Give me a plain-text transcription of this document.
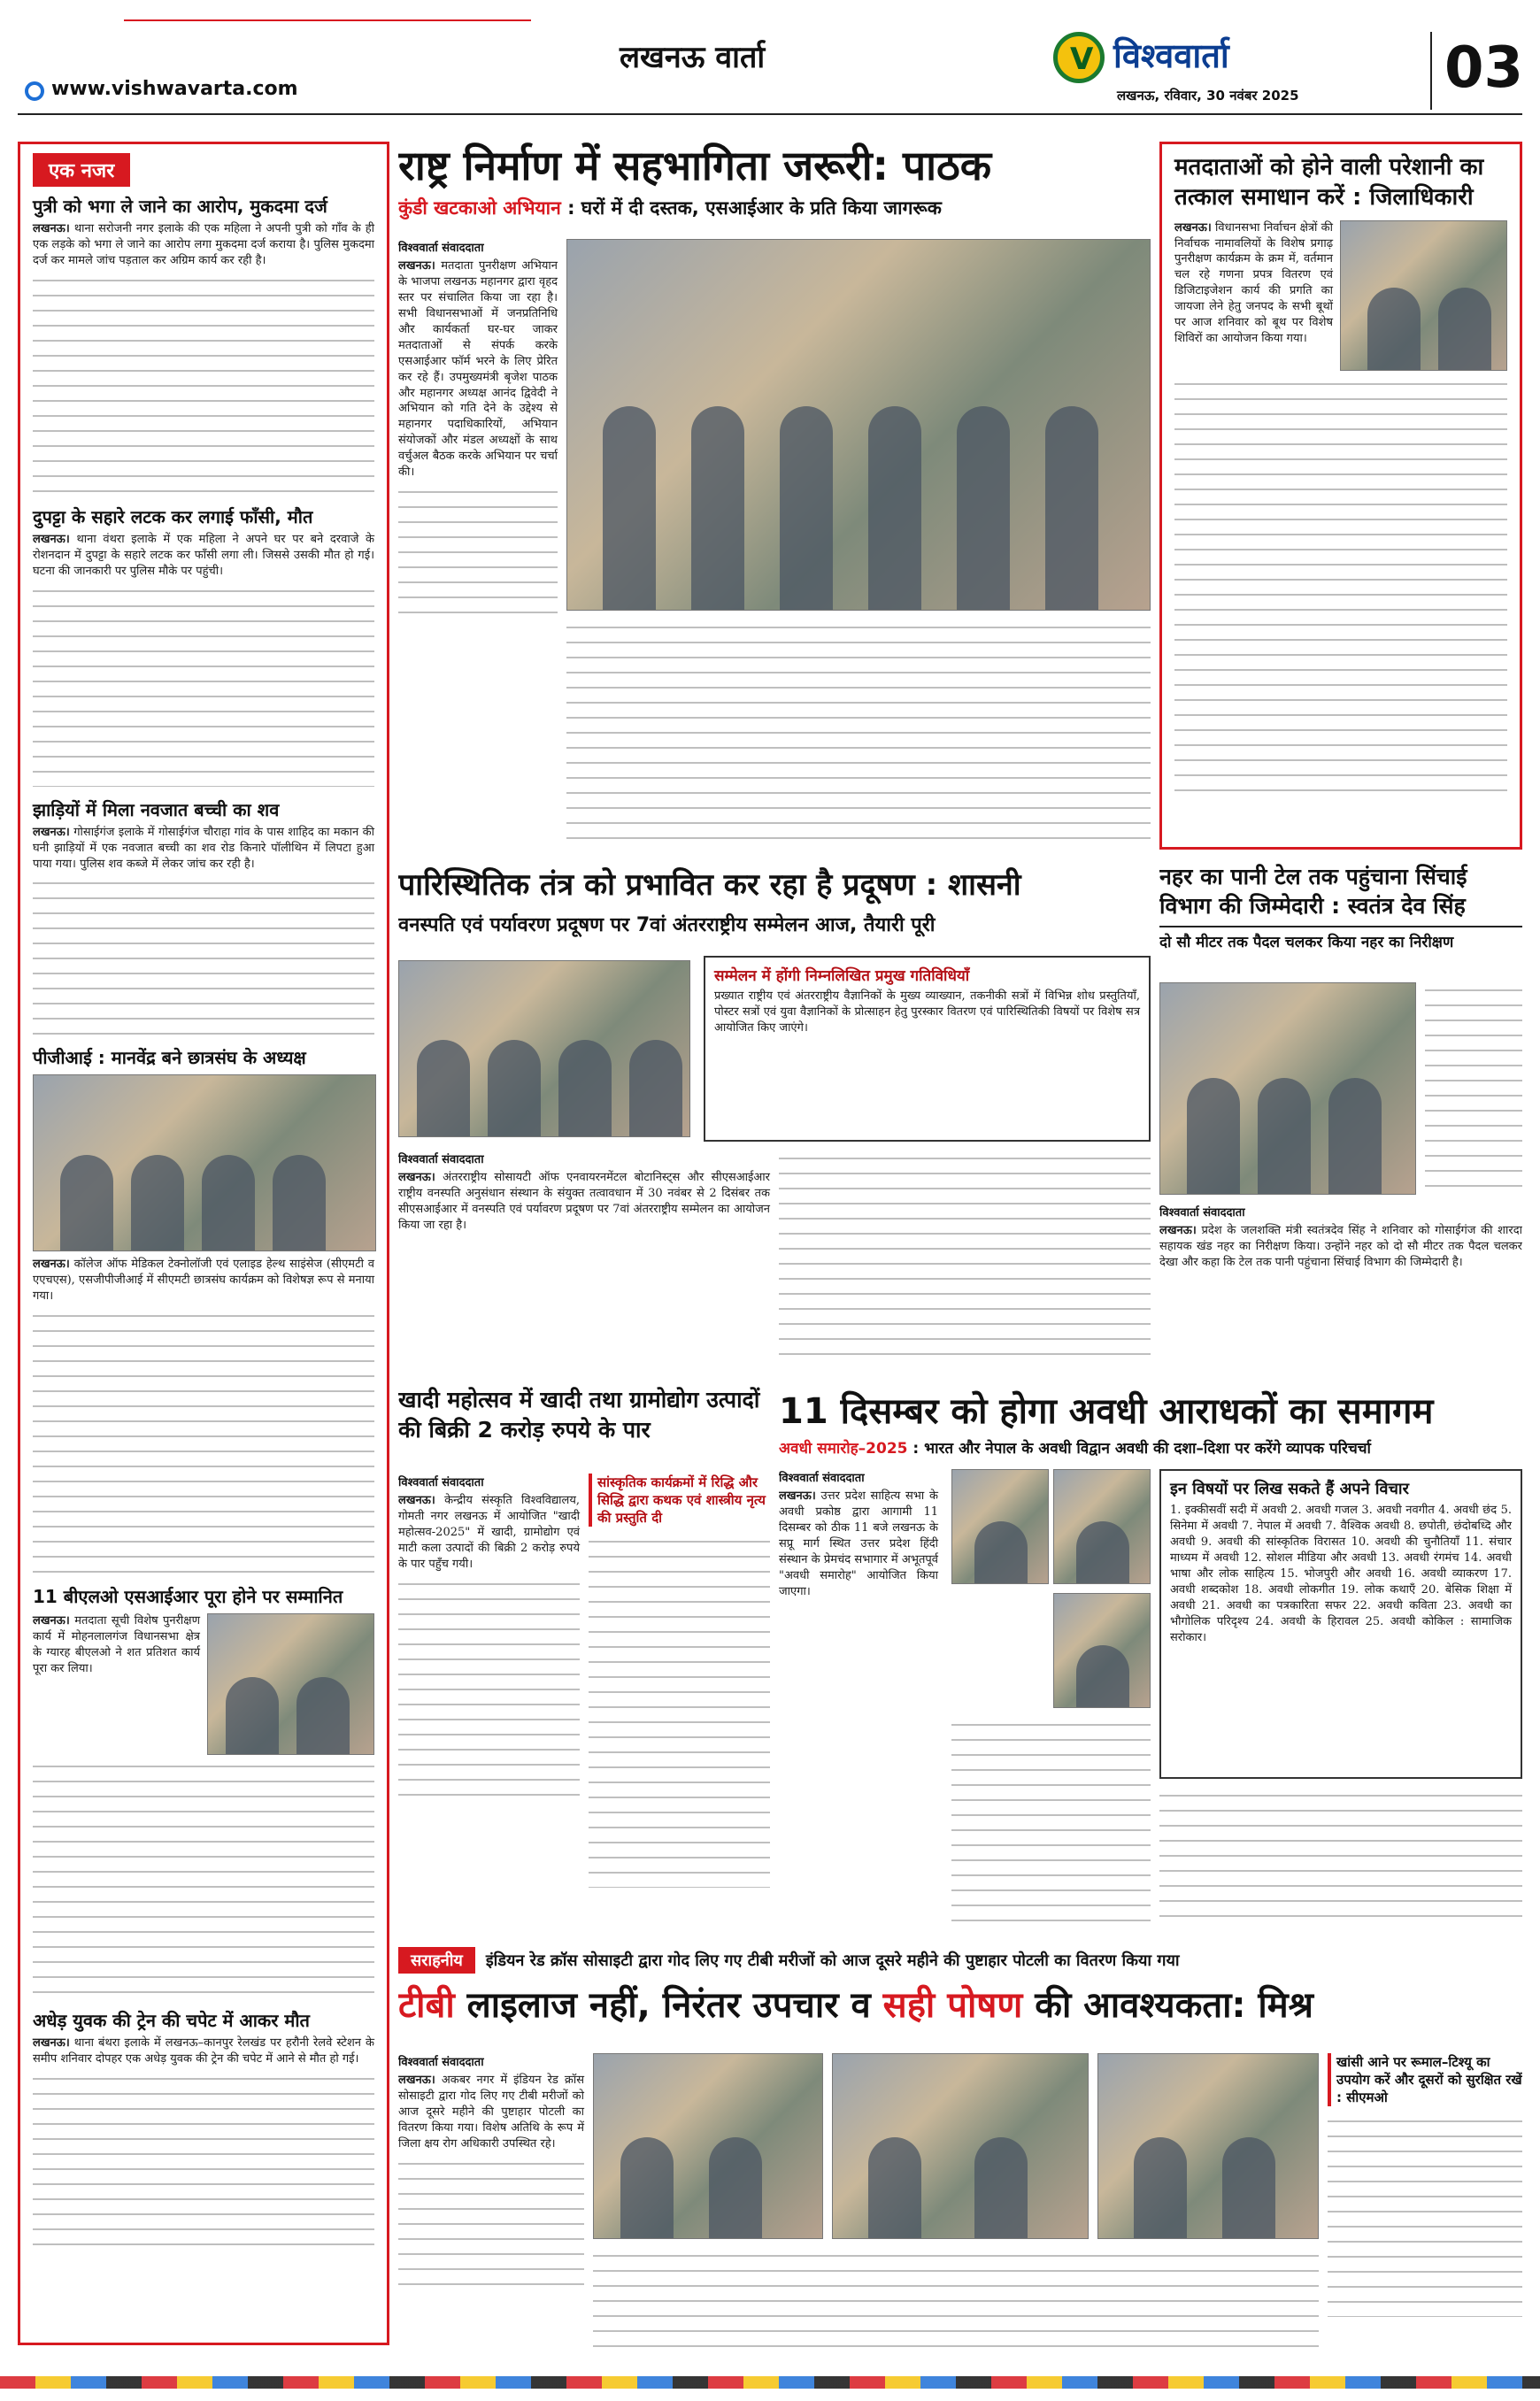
लखनऊ वार्ता
www.vishwavarta.com
V विश्ववार्ता
लखनऊ, रविवार, 30 नवंबर 2025	03
एक नजर
पुत्री को भगा ले जाने का आरोप, मुकदमा दर्ज
लखनऊ। थाना सरोजनी नगर इलाके की एक महिला ने अपनी पुत्री को गाँव के ही एक लड़के को भगा ले जाने का आरोप लगा मुकदमा दर्ज कराया है। पुलिस मुकदमा दर्ज कर मामले जांच पड़ताल कर अग्रिम कार्य कर रही है।
दुपट्टा के सहारे लटक कर लगाई फाँसी, मौत
लखनऊ। थाना वंथरा इलाके में एक महिला ने अपने घर पर बने दरवाजे के रोशनदान में दुपट्टा के सहारे लटक कर फाँसी लगा ली। जिससे उसकी मौत हो गई। घटना की जानकारी पर पुलिस मौके पर पहुंची।
झाड़ियों में मिला नवजात बच्ची का शव
लखनऊ। गोसाईगंज इलाके में गोसाईगंज चौराहा गांव के पास शाहिद का मकान की घनी झाड़ियों में एक नवजात बच्ची का शव रोड किनारे पॉलीथिन में लिपटा हुआ पाया गया। पुलिस शव कब्जे में लेकर जांच कर रही है।
पीजीआई : मानवेंद्र बने छात्रसंघ के अध्यक्ष
लखनऊ। कॉलेज ऑफ मेडिकल टेक्नोलॉजी एवं एलाइड हेल्थ साइंसेज (सीएमटी व एएचएस), एसजीपीजीआई में सीएमटी छात्रसंघ कार्यक्रम को विशेषज्ञ रूप से मनाया गया।
11 बीएलओ एसआईआर पूरा होने पर सम्मानित
लखनऊ। मतदाता सूची विशेष पुनरीक्षण कार्य में मोहनलालगंज विधानसभा क्षेत्र के ग्यारह बीएलओ ने शत प्रतिशत कार्य पूरा कर लिया।
अधेड़ युवक की ट्रेन की चपेट में आकर मौत
लखनऊ। थाना बंथरा इलाके में लखनऊ–कानपुर रेलखंड पर हरौनी रेलवे स्टेशन के समीप शनिवार दोपहर एक अधेड़ युवक की ट्रेन की चपेट में आने से मौत हो गई।
राष्ट्र निर्माण में सहभागिता जरूरी: पाठक
कुंडी खटकाओ अभियान : घरों में दी दस्तक, एसआईआर के प्रति किया जागरूक
विश्ववार्ता संवाददाता
लखनऊ। मतदाता पुनरीक्षण अभियान के भाजपा लखनऊ महानगर द्वारा वृहद स्तर पर संचालित किया जा रहा है। सभी विधानसभाओं में जनप्रतिनिधि और कार्यकर्ता घर-घर जाकर मतदाताओं से संपर्क करके एसआईआर फॉर्म भरने के लिए प्रेरित कर रहे हैं। उपमुख्यमंत्री बृजेश पाठक और महानगर अध्यक्ष आनंद द्विवेदी ने अभियान को गति देने के उद्देश्य से महानगर पदाधिकारियों, अभियान संयोजकों और मंडल अध्यक्षों के साथ वर्चुअल बैठक करके अभियान पर चर्चा की।
मतदाताओं को होने वाली परेशानी का तत्काल समाधान करें : जिलाधिकारी
लखनऊ। विधानसभा निर्वाचन क्षेत्रों की निर्वाचक नामावलियों के विशेष प्रगाढ़ पुनरीक्षण कार्यक्रम के क्रम में, वर्तमान चल रहे गणना प्रपत्र वितरण एवं डिजिटाइजेशन कार्य की प्रगति का जायजा लेने हेतु जनपद के सभी बूथों पर आज शनिवार को बूथ पर विशेष शिविरों का आयोजन किया गया।
पारिस्थितिक तंत्र को प्रभावित कर रहा है प्रदूषण : शासनी
वनस्पति एवं पर्यावरण प्रदूषण पर 7वां अंतरराष्ट्रीय सम्मेलन आज, तैयारी पूरी
सम्मेलन में होंगी निम्नलिखित प्रमुख गतिविधियाँ
प्रख्यात राष्ट्रीय एवं अंतरराष्ट्रीय वैज्ञानिकों के मुख्य व्याख्यान, तकनीकी सत्रों में विभिन्न शोध प्रस्तुतियाँ, पोस्टर सत्रों एवं युवा वैज्ञानिकों के प्रोत्साहन हेतु पुरस्कार वितरण एवं पारिस्थितिकी विषयों पर विशेष सत्र आयोजित किए जाएंगे।
विश्ववार्ता संवाददाता
लखनऊ। अंतरराष्ट्रीय सोसायटी ऑफ एनवायरनमेंटल बोटानिस्ट्स और सीएसआईआर राष्ट्रीय वनस्पति अनुसंधान संस्थान के संयुक्त तत्वावधान में 30 नवंबर से 2 दिसंबर तक सीएसआईआर में वनस्पति एवं पर्यावरण प्रदूषण पर 7वां अंतरराष्ट्रीय सम्मेलन का आयोजन किया जा रहा है।
नहर का पानी टेल तक पहुंचाना सिंचाई विभाग की जिम्मेदारी : स्वतंत्र देव सिंह
दो सौ मीटर तक पैदल चलकर किया नहर का निरीक्षण
विश्ववार्ता संवाददाता
लखनऊ। प्रदेश के जलशक्ति मंत्री स्वतंत्रदेव सिंह ने शनिवार को गोसाईगंज की शारदा सहायक खंड नहर का निरीक्षण किया। उन्होंने नहर को दो सौ मीटर तक पैदल चलकर देखा और कहा कि टेल तक पानी पहुंचाना सिंचाई विभाग की जिम्मेदारी है।
खादी महोत्सव में खादी तथा ग्रामोद्योग उत्पादों की बिक्री 2 करोड़ रुपये के पार
विश्ववार्ता संवाददाता
लखनऊ। केन्द्रीय संस्कृति विश्वविद्यालय, गोमती नगर लखनऊ में आयोजित "खादी महोत्सव-2025" में खादी, ग्रामोद्योग एवं माटी कला उत्पादों की बिक्री 2 करोड़ रुपये के पार पहुँच गयी।
सांस्कृतिक कार्यक्रमों में रिद्धि और सिद्धि द्वारा कथक एवं शास्त्रीय नृत्य की प्रस्तुति दी
11 दिसम्बर को होगा अवधी आराधकों का समागम
अवधी समारोह–2025 : भारत और नेपाल के अवधी विद्वान अवधी की दशा–दिशा पर करेंगे व्यापक परिचर्चा
विश्ववार्ता संवाददाता
लखनऊ। उत्तर प्रदेश साहित्य सभा के अवधी प्रकोष्ठ द्वारा आगामी 11 दिसम्बर को ठीक 11 बजे लखनऊ के सप्रू मार्ग स्थित उत्तर प्रदेश हिंदी संस्थान के प्रेमचंद सभागार में अभूतपूर्व "अवधी समारोह" आयोजित किया जाएगा।
इन विषयों पर लिख सकते हैं अपने विचार
1. इक्कीसवीं सदी में अवधी 2. अवधी गजल 3. अवधी नवगीत 4. अवधी छंद 5. सिनेमा में अवधी 7. नेपाल में अवधी 7. वैश्विक अवधी 8. छपोती, छंदोबध्दि और अवधी 9. अवधी की सांस्कृतिक विरासत 10. अवधी की चुनौतियाँ 11. संचार माध्यम में अवधी 12. सोशल मीडिया और अवधी 13. अवधी रंगमंच 14. अवधी भाषा और लोक साहित्य 15. भोजपुरी और अवधी 16. अवधी व्याकरण 17. अवधी शब्दकोश 18. अवधी लोकगीत 19. लोक कथाएँ 20. बेसिक शिक्षा में अवधी 21. अवधी का पत्रकारिता सफर 22. अवधी कविता 23. अवधी का भौगोलिक परिदृश्य 24. अवधी के हिरावल 25. अवधी कोकिल : सामाजिक सरोकार।
सराहनीय	इंडियन रेड क्रॉस सोसाइटी द्वारा गोद लिए गए टीबी मरीजों को आज दूसरे महीने की पुष्टाहार पोटली का वितरण किया गया
टीबी लाइलाज नहीं, निरंतर उपचार व सही पोषण की आवश्यकता: मिश्र
विश्ववार्ता संवाददाता
लखनऊ। अकबर नगर में इंडियन रेड क्रॉस सोसाइटी द्वारा गोद लिए गए टीबी मरीजों को आज दूसरे महीने की पुष्टाहार पोटली का वितरण किया गया। विशेष अतिथि के रूप में जिला क्षय रोग अधिकारी उपस्थित रहे।
खांसी आने पर रूमाल–टिश्यू का उपयोग करें और दूसरों को सुरक्षित रखें : सीएमओ
